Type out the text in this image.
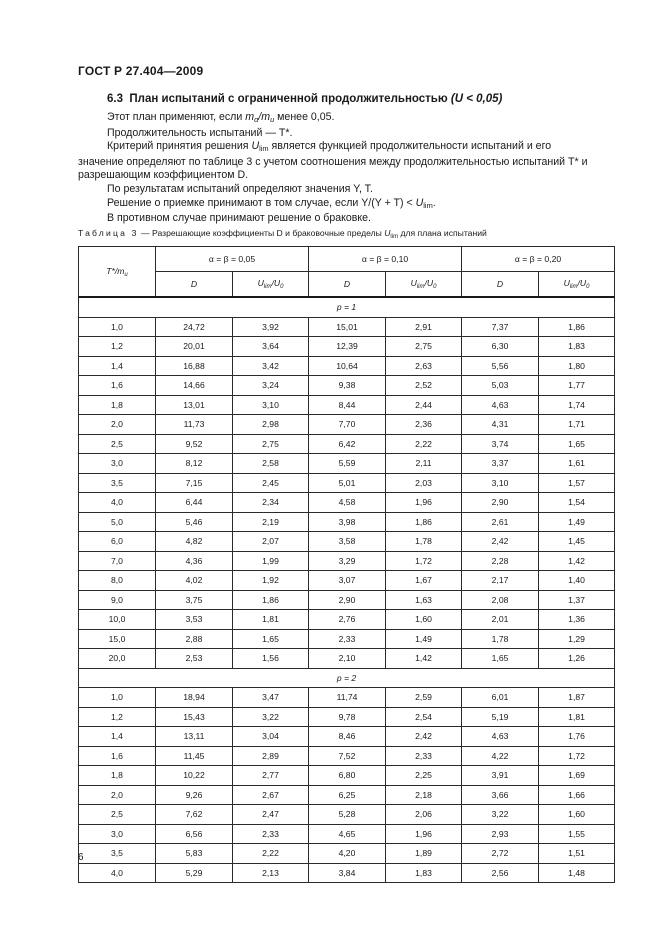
ГОСТ Р 27.404—2009
6.3 План испытаний с ограниченной продолжительностью (U < 0,05)

Этот план применяют, если $m_\alpha/m_u$ менее 0,05.

Продолжительность испытаний — T*.

Критерий принятия решения $U_{lim}$ является функцией продолжительности испытаний и его значение определяют по таблице 3 с учетом соотношения между продолжительностью испытаний T* и разрешающим коэффициентом D.

По результатам испытаний определяют значения Y, T.

Решение о приемке принимают в том случае, если $Y/(Y + T) < U_{lim}$.

В противном случае принимают решение о браковке.

Таблица 3 — Разрешающие коэффициенты D и браковочные пределы $U_{lim}$ для плана испытаний
$T*/m_u$	α = β = 0,05		α = β = 0,10		α = β = 0,20	
	D	$U_{lim}/U_0$	D	$U_{lim}/U_0$	D	$U_{lim}/U_0$
p = 1						
1,0	24,72	3,92	15,01	2,91	7,37	1,86
1,2	20,01	3,64	12,39	2,75	6,30	1,83
1,4	16,88	3,42	10,64	2,63	5,56	1,80
1,6	14,66	3,24	9,38	2,52	5,03	1,77
1,8	13,01	3,10	8,44	2,44	4,63	1,74
2,0	11,73	2,98	7,70	2,36	4,31	1,71
2,5	9,52	2,75	6,42	2,22	3,74	1,65
3,0	8,12	2,58	5,59	2,11	3,37	1,61
3,5	7,15	2,45	5,01	2,03	3,10	1,57
4,0	6,44	2,34	4,58	1,96	2,90	1,54
5,0	5,46	2,19	3,98	1,86	2,61	1,49
6,0	4,82	2,07	3,58	1,78	2,42	1,45
7,0	4,36	1,99	3,29	1,72	2,28	1,42
8,0	4,02	1,92	3,07	1,67	2,17	1,40
9,0	3,75	1,86	2,90	1,63	2,08	1,37
10,0	3,53	1,81	2,76	1,60	2,01	1,36
15,0	2,88	1,65	2,33	1,49	1,78	1,29
20,0	2,53	1,56	2,10	1,42	1,65	1,26
p = 2						
1,0	18,94	3,47	11,74	2,59	6,01	1,87
1,2	15,43	3,22	9,78	2,54	5,19	1,81
1,4	13,11	3,04	8,46	2,42	4,63	1,76
1,6	11,45	2,89	7,52	2,33	4,22	1,72
1,8	10,22	2,77	6,80	2,25	3,91	1,69
2,0	9,26	2,67	6,25	2,18	3,66	1,66
2,5	7,62	2,47	5,28	2,06	3,22	1,60
3,0	6,56	2,33	4,65	1,96	2,93	1,55
3,5	5,83	2,22	4,20	1,89	2,72	1,51
4,0	5,29	2,13	3,84	1,83	2,56	1,48
6
